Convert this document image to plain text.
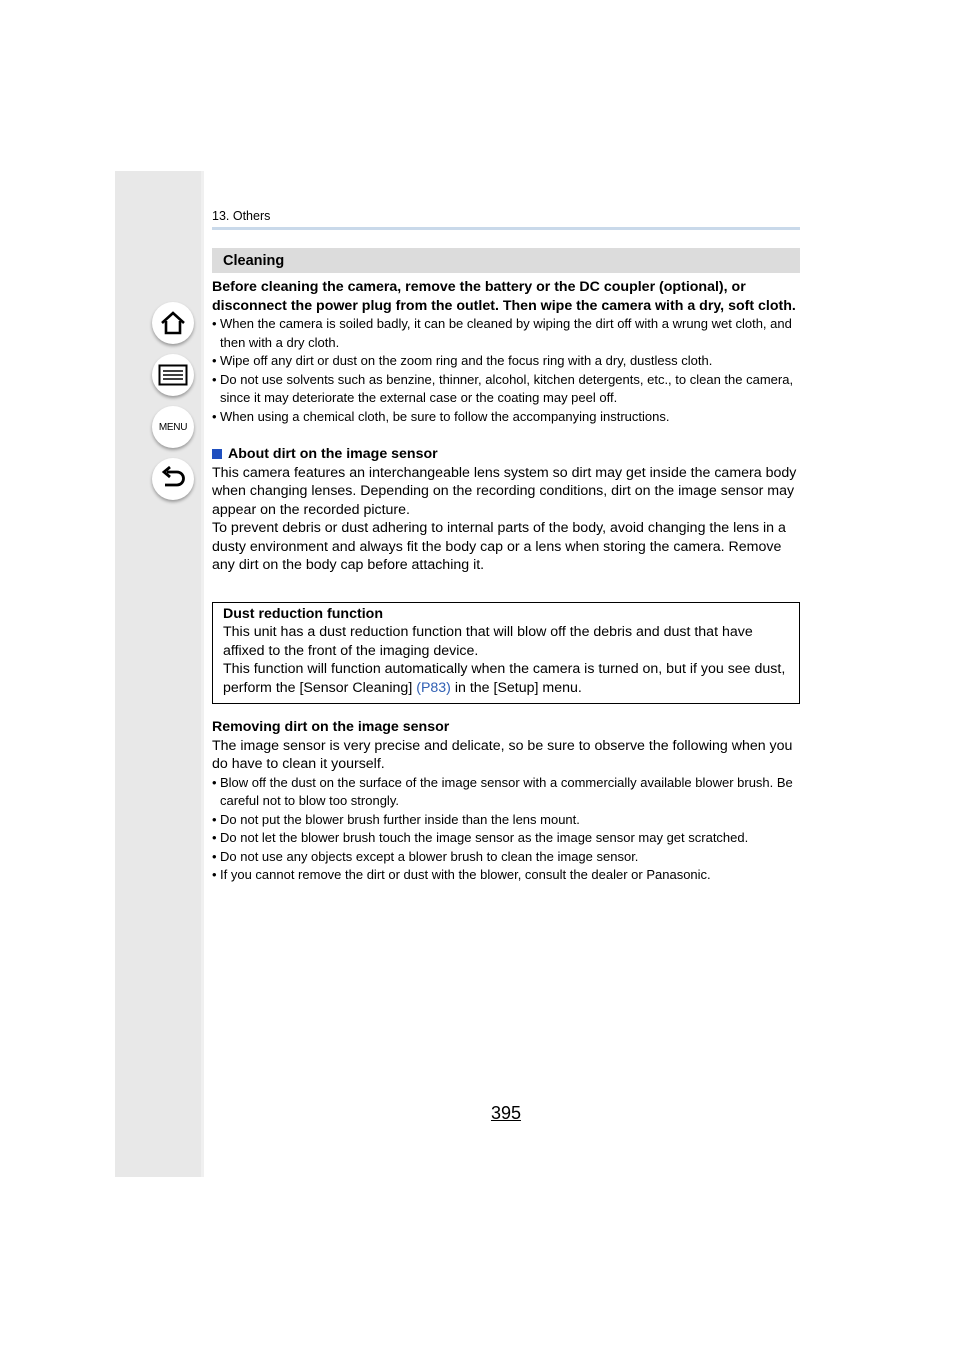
MENU
13. Others
Cleaning
Before cleaning the camera, remove the battery or the DC coupler (optional), or disconnect the power plug from the outlet. Then wipe the camera with a dry, soft cloth.
• When the camera is soiled badly, it can be cleaned by wiping the dirt off with a wrung wet cloth, and then with a dry cloth.
• Wipe off any dirt or dust on the zoom ring and the focus ring with a dry, dustless cloth.
• Do not use solvents such as benzine, thinner, alcohol, kitchen detergents, etc., to clean the camera, since it may deteriorate the external case or the coating may peel off.
• When using a chemical cloth, be sure to follow the accompanying instructions.
About dirt on the image sensor
This camera features an interchangeable lens system so dirt may get inside the camera body when changing lenses. Depending on the recording conditions, dirt on the image sensor may appear on the recorded picture.
To prevent debris or dust adhering to internal parts of the body, avoid changing the lens in a dusty environment and always fit the body cap or a lens when storing the camera. Remove any dirt on the body cap before attaching it.
Dust reduction function
This unit has a dust reduction function that will blow off the debris and dust that have affixed to the front of the imaging device.
This function will function automatically when the camera is turned on, but if you see dust, perform the [Sensor Cleaning] (P83) in the [Setup] menu.
Removing dirt on the image sensor
The image sensor is very precise and delicate, so be sure to observe the following when you do have to clean it yourself.
• Blow off the dust on the surface of the image sensor with a commercially available blower brush. Be careful not to blow too strongly.
• Do not put the blower brush further inside than the lens mount.
• Do not let the blower brush touch the image sensor as the image sensor may get scratched.
• Do not use any objects except a blower brush to clean the image sensor.
• If you cannot remove the dirt or dust with the blower, consult the dealer or Panasonic.
395
